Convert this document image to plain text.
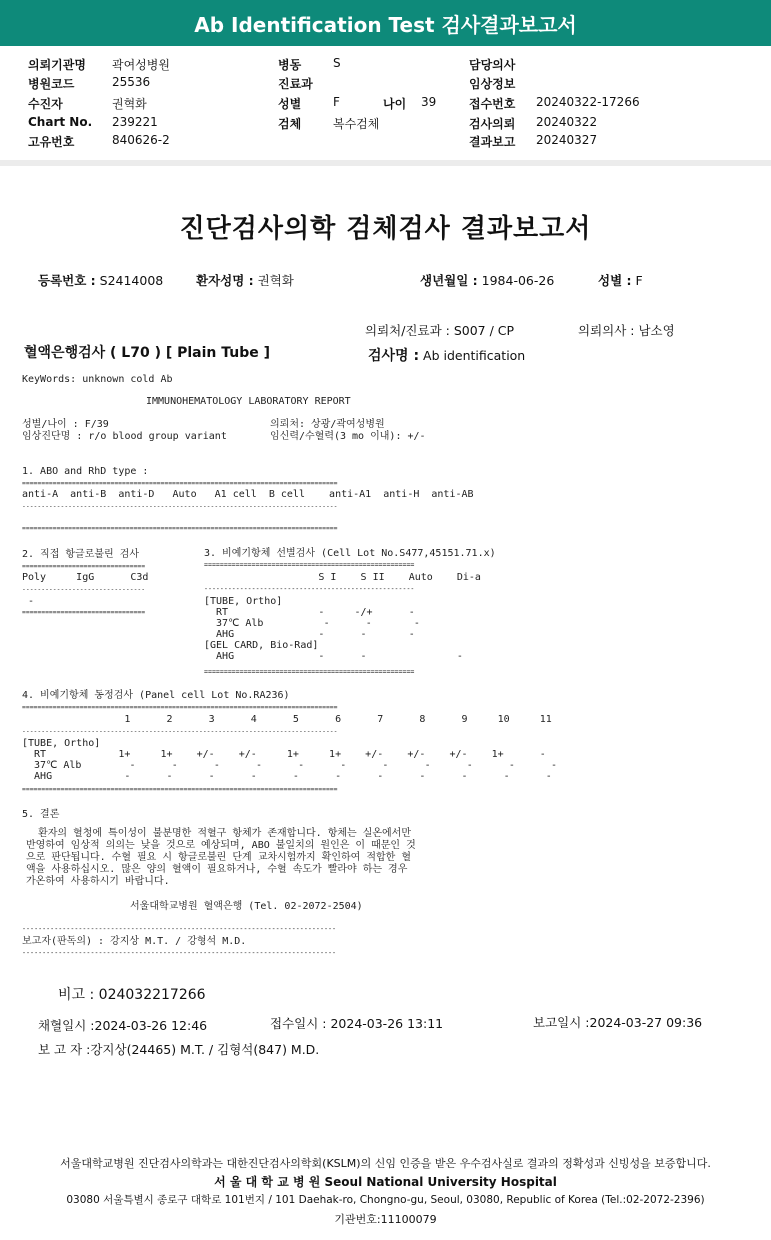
Ab Identification Test 검사결과보고서
의뢰기관명 곽여성병원
병원코드	25536
수진자	권혁화
Chart No. 239221
고유번호	840626-2
병동	S
진료과
성별	F	나이 39
검체	복수검체
담당의사
임상정보
접수번호 20240322-17266
검사의뢰 20240322
결과보고 20240327
진단검사의학 검체검사 결과보고서
등록번호 : S2414008	환자성명 : 권혁화	생년월일 : 1984-06-26	성별 : F
의뢰처/진료과 : S007 / CP	의뢰의사 : 남소영
혈액은행검사 ( L70 ) [ Plain Tube ]	검사명 : Ab identification
KeyWords: unknown cold Ab
IMMUNOHEMATOLOGY LABORATORY REPORT
성별/나이 : F/39
임상진단명 : r/o blood group variant
의뢰처: 상광/곽여성병원
임신력/수혈력(3 mo 이내): +/-
1. ABO and RhD type :
==================================================================================
anti-A  anti-B  anti-D   Auto   A1 cell  B cell    anti-A1  anti-H  anti-AB
----------------------------------------------------------------------------------
==================================================================================
2. 직접 항글로불린 검사
================================
Poly     IgG      C3d
--------------------------------
-
================================
3. 비예기항체 선별검사 (Cell Lot No.S477,45151.71.x)
=====================================================
S I    S II    Auto    Di-a
-----------------------------------------------------
[TUBE, Ortho]
RT               -     -/+      -
37℃ Alb          -      -       -
AHG              -      -       -
[GEL CARD, Bio-Rad]
AHG              -      -               -
=====================================================
4. 비예기항체 동정검사 (Panel cell Lot No.RA236)
==================================================================================
1      2      3      4      5      6      7      8      9     10     11
----------------------------------------------------------------------------------
[TUBE, Ortho]
RT            1+     1+    +/-    +/-     1+     1+    +/-    +/-    +/-    1+      -
37℃ Alb        -      -      -      -      -      -      -      -      -      -      -
AHG            -      -      -      -      -      -      -      -      -      -      -
==================================================================================
5. 결론
환자의 혈청에 특이성이 불분명한 적혈구 항체가 존재합니다. 항체는 실온에서만
반영하여 임상적 의의는 낮을 것으로 예상되며, ABO 불일치의 원인은 이 때문인 것
으로 판단됩니다. 수혈 필요 시 항글로불린 단계 교차시험까지 확인하여 적합한 혈
액을 사용하십시오. 많은 양의 혈액이 필요하거나, 수혈 속도가 빨라야 하는 경우
가온하여 사용하시기 바랍니다.
서울대학교병원 혈액은행 (Tel. 02-2072-2504)
------------------------------------------------------------------------------
보고자(판독의) : 강지상 M.T. / 강형석 M.D.
------------------------------------------------------------------------------
비고 : 024032217266
채혈일시 :2024-03-26 12:46	접수일시 : 2024-03-26 13:11	보고일시 :2024-03-27 09:36
보 고 자 :강지상(24465) M.T. / 김형석(847) M.D.
서울대학교병원 진단검사의학과는 대한진단검사의학회(KSLM)의 신임 인증을 받은 우수검사실로 결과의 정확성과 신빙성을 보증합니다.
서 울 대 학 교 병 원 Seoul National University Hospital
03080 서울특별시 종로구 대학로 101번지 / 101 Daehak-ro, Chongno-gu, Seoul, 03080, Republic of Korea (Tel.:02-2072-2396)
기관번호:11100079
